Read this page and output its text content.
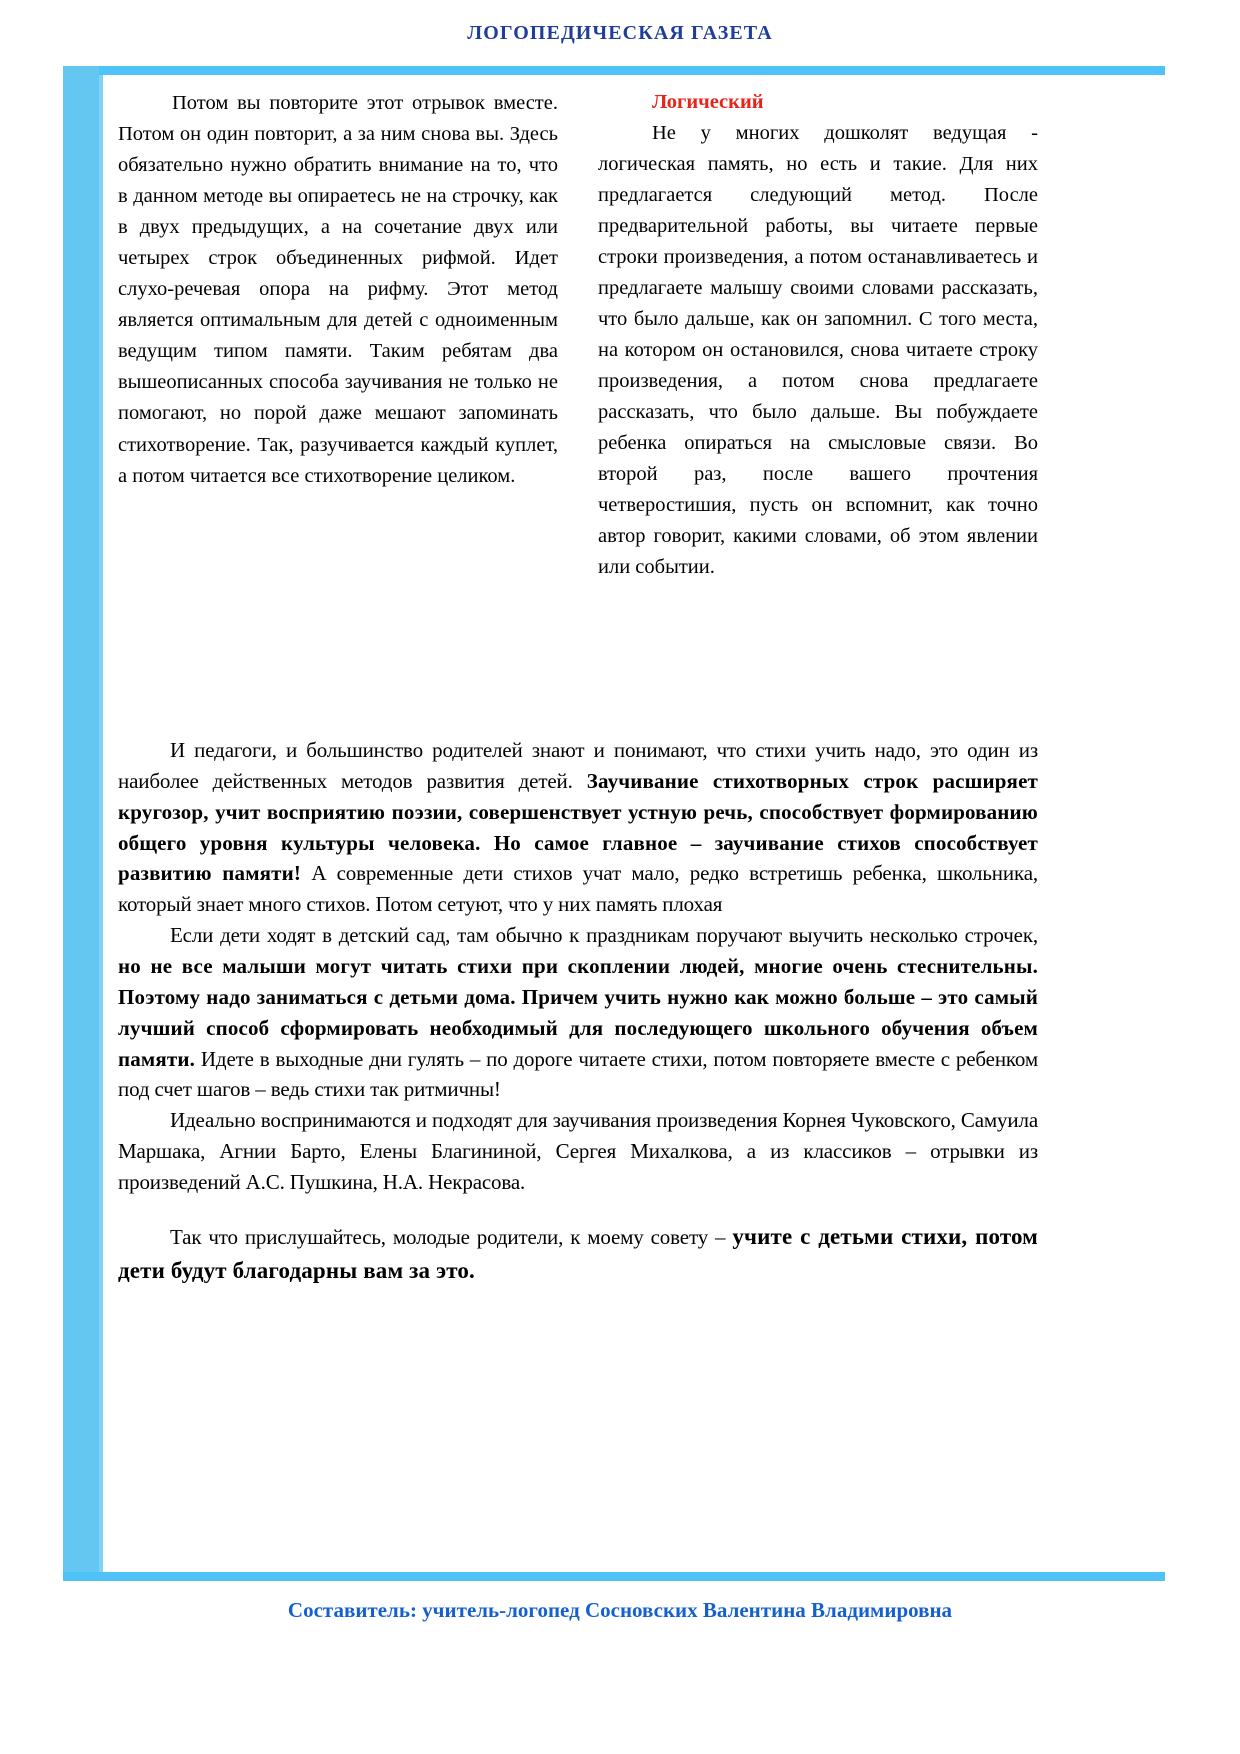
ЛОГОПЕДИЧЕСКАЯ ГАЗЕТА

Потом вы повторите этот отрывок вместе. Потом он один повторит, а за ним снова вы. Здесь обязательно нужно обратить внимание на то, что в данном методе вы опираетесь не на строчку, как в двух предыдущих, а на сочетание двух или четырех строк объединенных рифмой. Идет слухо-речевая опора на рифму. Этот метод является оптимальным для детей с одноименным ведущим типом памяти. Таким ребятам два вышеописанных способа заучивания не только не помогают, но порой даже мешают запоминать стихотворение. Так, разучивается каждый куплет, а потом читается все стихотворение целиком.

Логический

Не у многих дошколят ведущая - логическая память, но есть и такие. Для них предлагается следующий метод. После предварительной работы, вы читаете первые строки произведения, а потом останавливаетесь и предлагаете малышу своими словами рассказать, что было дальше, как он запомнил. С того места, на котором он остановился, снова читаете строку произведения, а потом снова предлагаете рассказать, что было дальше. Вы побуждаете ребенка опираться на смысловые связи. Во второй раз, после вашего прочтения четверостишия, пусть он вспомнит, как точно автор говорит, какими словами, об этом явлении или событии.

И педагоги, и большинство родителей знают и понимают, что стихи учить надо, это один из наиболее действенных методов развития детей. Заучивание стихотворных строк расширяет кругозор, учит восприятию поэзии, совершенствует устную речь, способствует формированию общего уровня культуры человека. Но самое главное – заучивание стихов способствует развитию памяти! А современные дети стихов учат мало, редко встретишь ребенка, школьника, который знает много стихов. Потом сетуют, что у них память плохая

Если дети ходят в детский сад, там обычно к праздникам поручают выучить несколько строчек, но не все малыши могут читать стихи при скоплении людей, многие очень стеснительны. Поэтому надо заниматься с детьми дома. Причем учить нужно как можно больше – это самый лучший способ сформировать необходимый для последующего школьного обучения объем памяти. Идете в выходные дни гулять – по дороге читаете стихи, потом повторяете вместе с ребенком под счет шагов – ведь стихи так ритмичны!

Идеально воспринимаются и подходят для заучивания произведения Корнея Чуковского, Самуила Маршака, Агнии Барто, Елены Благининой, Сергея Михалкова, а из классиков – отрывки из произведений А.С. Пушкина, Н.А. Некрасова.

Так что прислушайтесь, молодые родители, к моему совету – учите с детьми стихи, потом дети будут благодарны вам за это.

Составитель: учитель-логопед Сосновских Валентина Владимировна
